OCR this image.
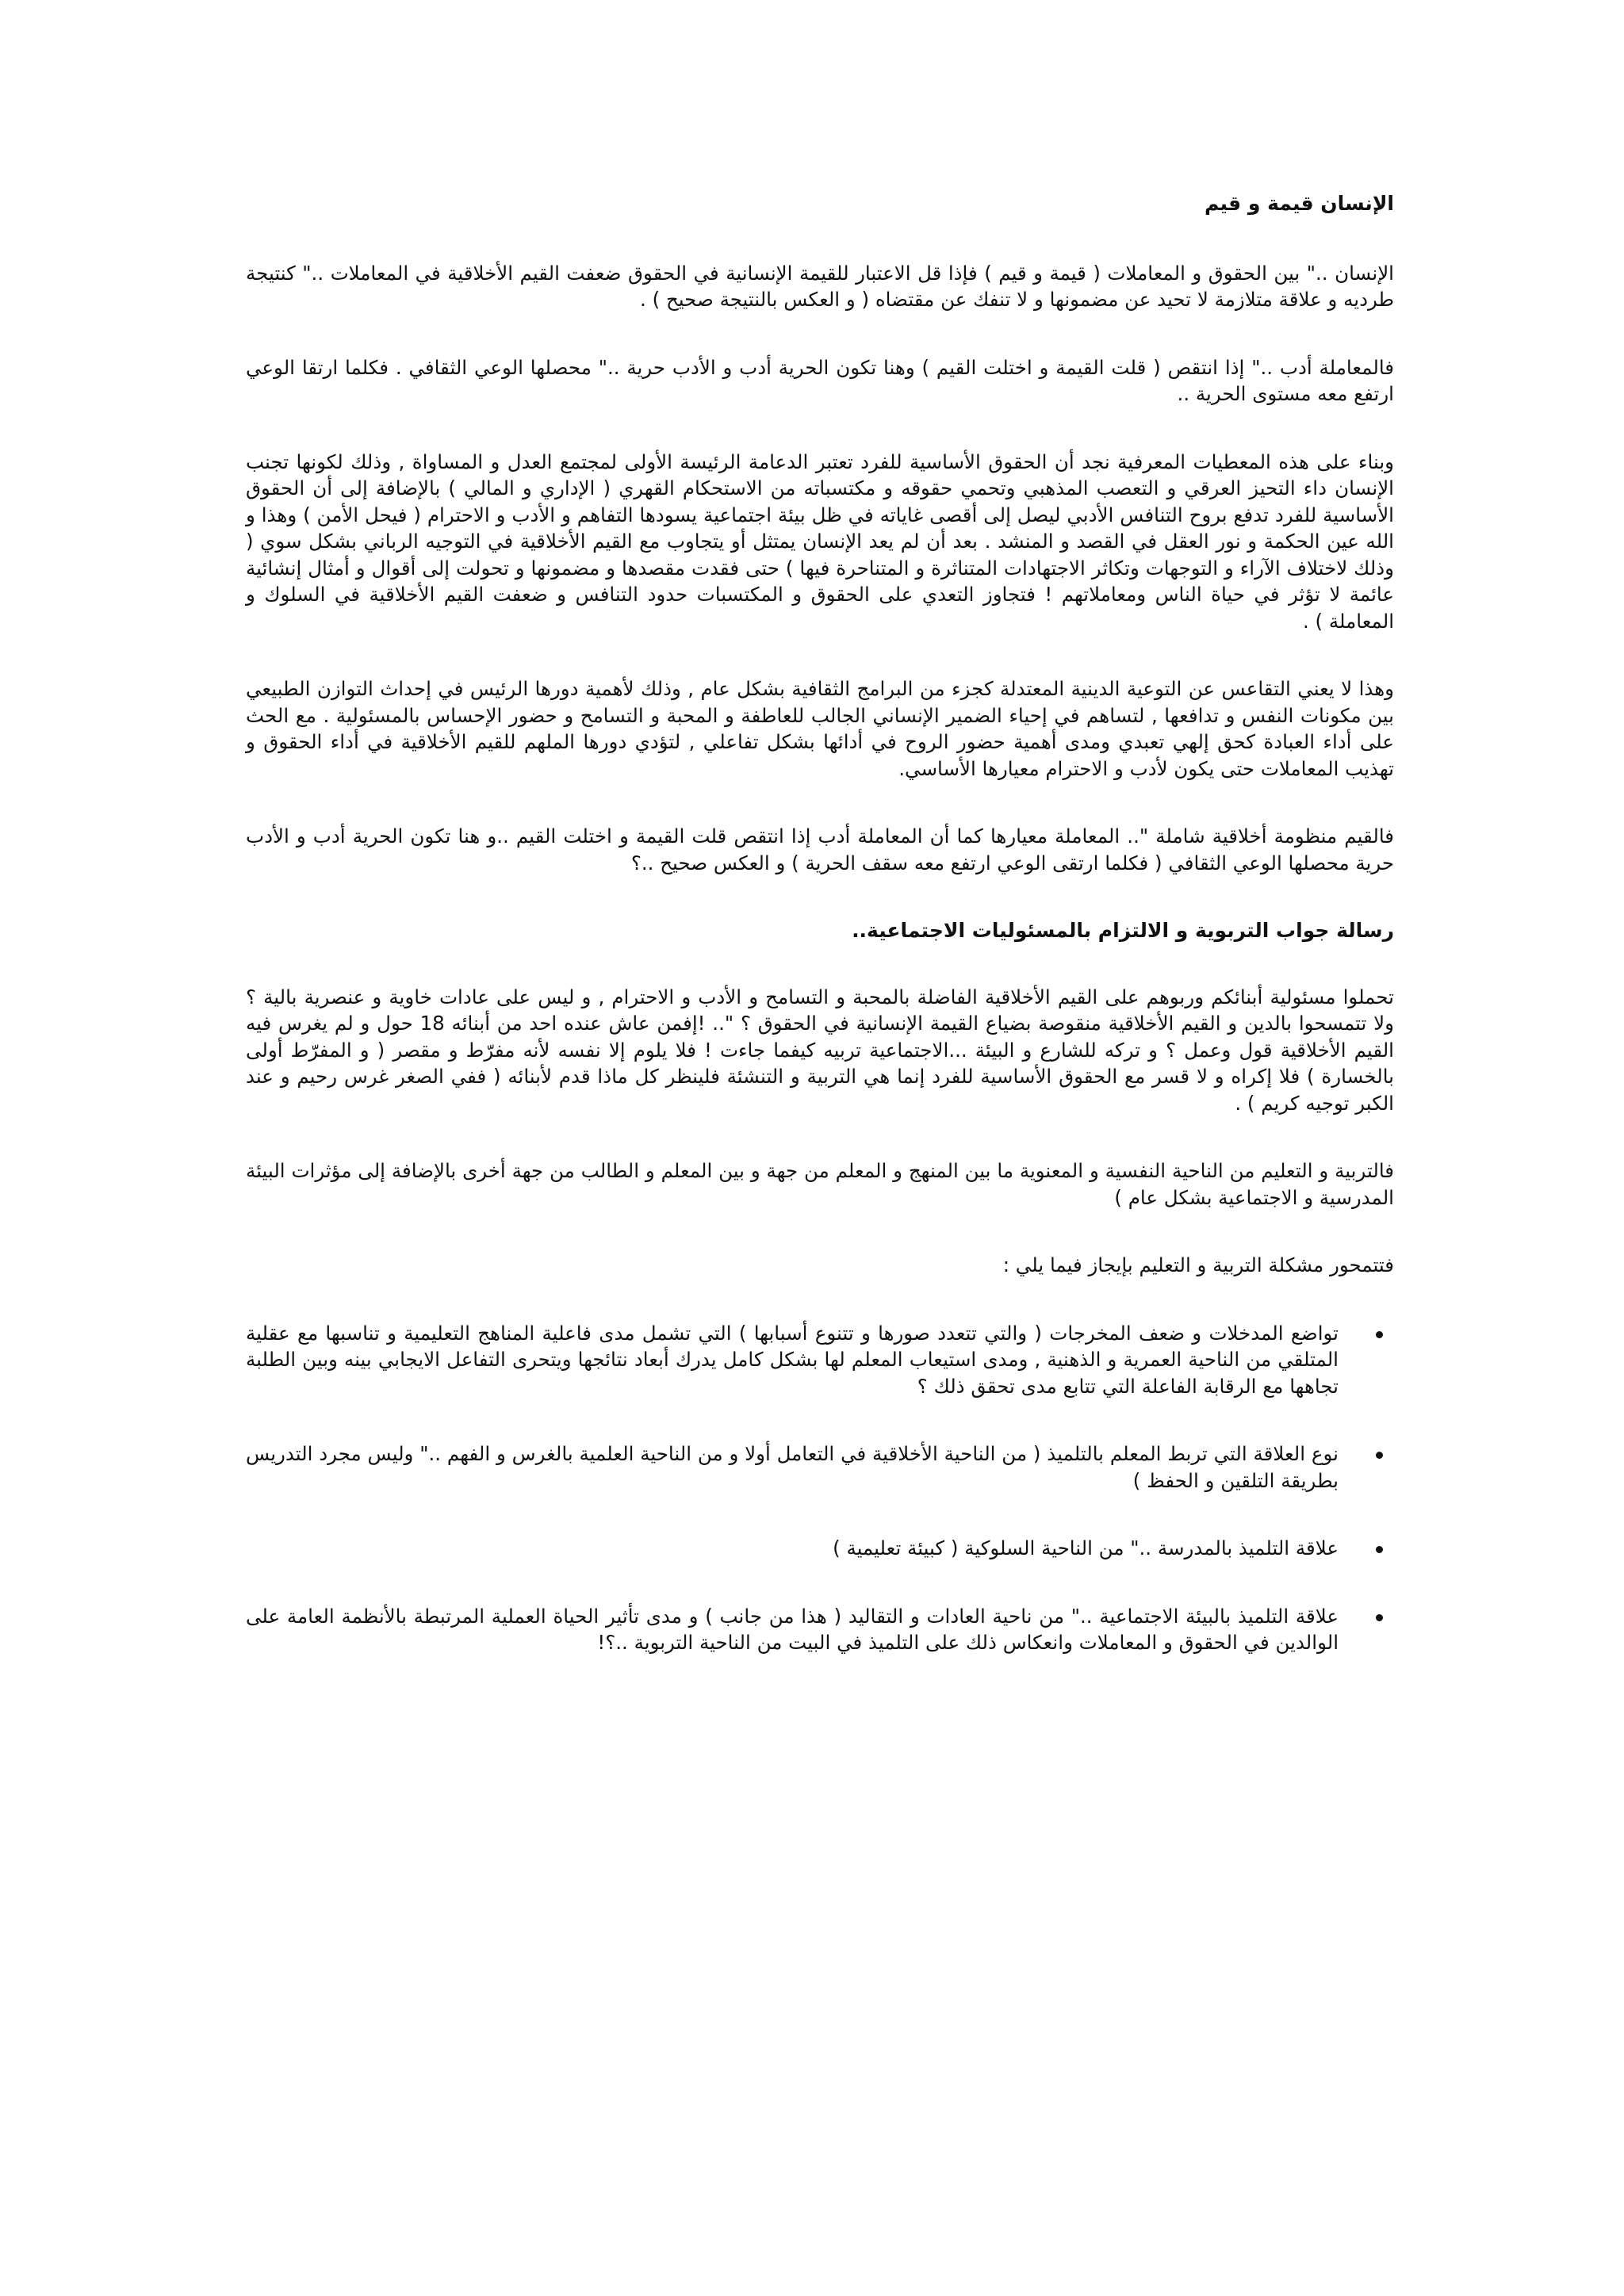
الإنسان قيمة و قيم

الإنسان .." بين الحقوق و المعاملات ( قيمة و قيم ) فإذا قل الاعتبار للقيمة الإنسانية في الحقوق ضعفت القيم الأخلاقية في المعاملات .." كنتيجة طرديه و علاقة متلازمة لا تحيد عن مضمونها و لا تنفك عن مقتضاه ( و العكس بالنتيجة صحيح ) .

فالمعاملة أدب .." إذا انتقص ( قلت القيمة و اختلت القيم ) وهنا تكون الحرية أدب و الأدب حرية .." محصلها الوعي الثقافي . فكلما ارتقا الوعي ارتفع معه مستوى الحرية ..

وبناء على هذه المعطيات المعرفية نجد أن الحقوق الأساسية للفرد تعتبر الدعامة الرئيسة الأولى لمجتمع العدل و المساواة , وذلك لكونها تجنب الإنسان داء التحيز العرقي و التعصب المذهبي وتحمي حقوقه و مكتسباته من الاستحكام القهري ( الإداري و المالي ) بالإضافة إلى أن الحقوق الأساسية للفرد تدفع بروح التنافس الأدبي ليصل إلى أقصى غاياته في ظل بيئة اجتماعية يسودها التفاهم و الأدب و الاحترام ( فيحل الأمن ) وهذا و الله عين الحكمة و نور العقل في القصد و المنشد . بعد أن لم يعد الإنسان يمتثل أو يتجاوب مع القيم الأخلاقية في التوجيه الرباني بشكل سوي ( وذلك لاختلاف الآراء و التوجهات وتكاثر الاجتهادات المتناثرة و المتناحرة فيها ) حتى فقدت مقصدها و مضمونها و تحولت إلى أقوال و أمثال إنشائية عائمة لا تؤثر في حياة الناس ومعاملاتهم ! فتجاوز التعدي على الحقوق و المكتسبات حدود التنافس و ضعفت القيم الأخلاقية في السلوك و المعاملة ) .

وهذا لا يعني التقاعس عن التوعية الدينية المعتدلة كجزء من البرامج الثقافية بشكل عام , وذلك لأهمية دورها الرئيس في إحداث التوازن الطبيعي بين مكونات النفس و تدافعها , لتساهم في إحياء الضمير الإنساني الجالب للعاطفة و المحبة و التسامح و حضور الإحساس بالمسئولية . مع الحث على أداء العبادة كحق إلهي تعبدي ومدى أهمية حضور الروح في أدائها بشكل تفاعلي , لتؤدي دورها الملهم للقيم الأخلاقية في أداء الحقوق و تهذيب المعاملات حتى يكون لأدب و الاحترام معيارها الأساسي.

فالقيم منظومة أخلاقية شاملة ".. المعاملة معيارها كما أن المعاملة أدب إذا انتقص قلت القيمة و اختلت القيم ..و هنا تكون الحرية أدب و الأدب حرية محصلها الوعي الثقافي ( فكلما ارتقى الوعي ارتفع معه سقف الحرية ) و العكس صحيح ..؟

رسالة جواب التربوية و الالتزام بالمسئوليات الاجتماعية..

تحملوا مسئولية أبنائكم وربوهم على القيم الأخلاقية الفاضلة بالمحبة و التسامح و الأدب و الاحترام , و ليس على عادات خاوية و عنصرية بالية ؟ ولا تتمسحوا بالدين و القيم الأخلاقية منقوصة بضياع القيمة الإنسانية في الحقوق ؟ ".. !إفمن عاش عنده احد من أبنائه 18 حول و لم يغرس فيه القيم الأخلاقية قول وعمل ؟ و تركه للشارع و البيئة ...الاجتماعية تربيه كيفما جاءت ! فلا يلوم إلا نفسه لأنه مفرّط و مقصر ( و المفرّط أولى بالخسارة ) فلا إكراه و لا قسر مع الحقوق الأساسية للفرد إنما هي التربية و التنشئة فلينظر كل ماذا قدم لأبنائه ( ففي الصغر غرس رحيم و عند الكبر توجيه كريم ) .

فالتربية و التعليم من الناحية النفسية و المعنوية ما بين المنهج و المعلم من جهة و بين المعلم و الطالب من جهة أخرى بالإضافة إلى مؤثرات البيئة المدرسية و الاجتماعية بشكل عام )

فتتمحور مشكلة التربية و التعليم بإيجاز فيما يلي :

تواضع المدخلات و ضعف المخرجات ( والتي تتعدد صورها و تتنوع أسبابها ) التي تشمل مدى فاعلية المناهج التعليمية و تناسبها مع عقلية المتلقي من الناحية العمرية و الذهنية , ومدى استيعاب المعلم لها بشكل كامل يدرك أبعاد نتائجها ويتحرى التفاعل الايجابي بينه وبين الطلبة تجاهها مع الرقابة الفاعلة التي تتابع مدى تحقق ذلك ؟
نوع العلاقة التي تربط المعلم بالتلميذ ( من الناحية الأخلاقية في التعامل أولا و من الناحية العلمية بالغرس و الفهم .." وليس مجرد التدريس بطريقة التلقين و الحفظ )
علاقة التلميذ بالمدرسة .." من الناحية السلوكية ( كبيئة تعليمية )
علاقة التلميذ بالبيئة الاجتماعية .." من ناحية العادات و التقاليد ( هذا من جانب ) و مدى تأثير الحياة العملية المرتبطة بالأنظمة العامة على الوالدين في الحقوق و المعاملات وانعكاس ذلك على التلميذ في البيت من الناحية التربوية ..؟!
